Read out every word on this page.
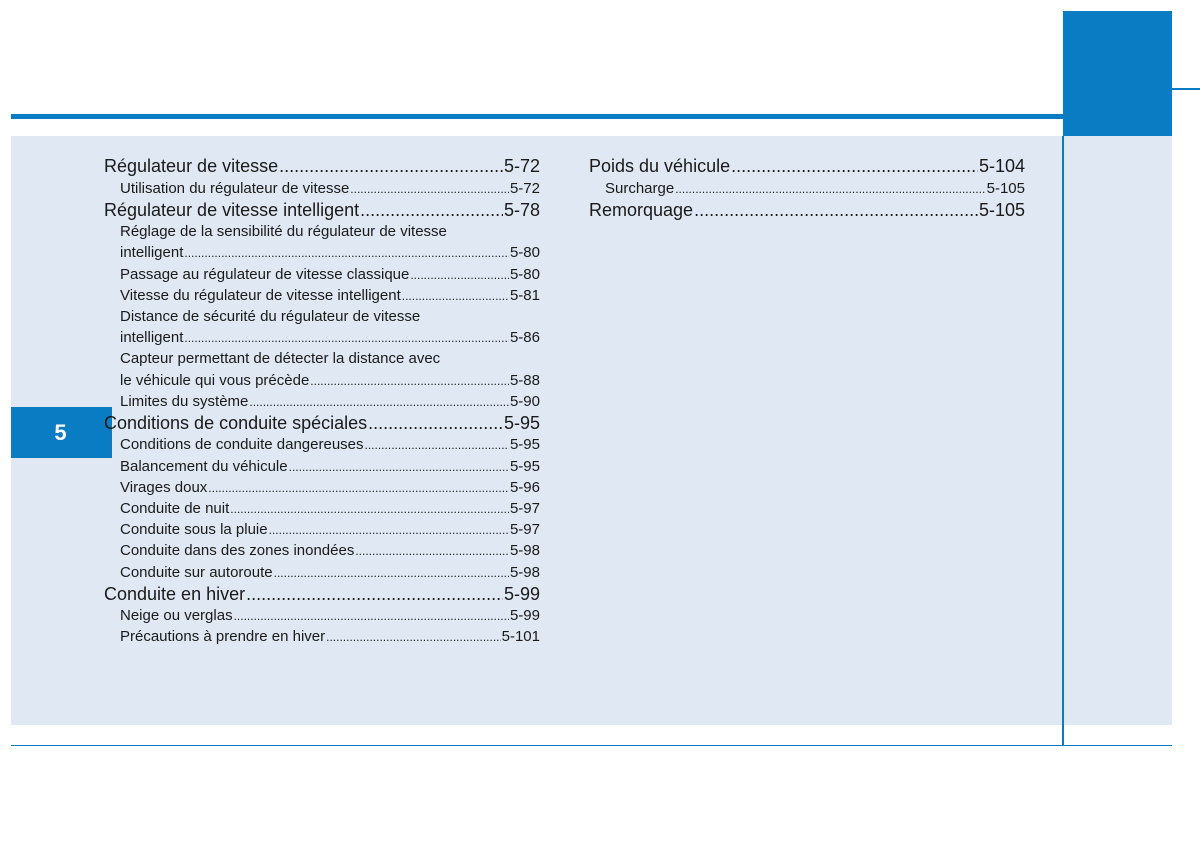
5
Régulateur de vitesse .....	5-72
Utilisation du régulateur de vitesse .....	5-72
Régulateur de vitesse intelligent .....	5-78
Réglage de la sensibilité du régulateur de vitesse
intelligent .....	5-80
Passage au régulateur de vitesse classique .....	5-80
Vitesse du régulateur de vitesse intelligent .....	5-81
Distance de sécurité du régulateur de vitesse
intelligent .....	5-86
Capteur permettant de détecter la distance avec
le véhicule qui vous précède .....	5-88
Limites du système .....	5-90
Conditions de conduite spéciales .....	5-95
Conditions de conduite dangereuses .....	5-95
Balancement du véhicule .....	5-95
Virages doux .....	5-96
Conduite de nuit .....	5-97
Conduite sous la pluie .....	5-97
Conduite dans des zones inondées .....	5-98
Conduite sur autoroute .....	5-98
Conduite en hiver .....	5-99
Neige ou verglas .....	5-99
Précautions à prendre en hiver .....	5-101
Poids du véhicule .....	5-104
Surcharge .....	5-105
Remorquage .....	5-105
